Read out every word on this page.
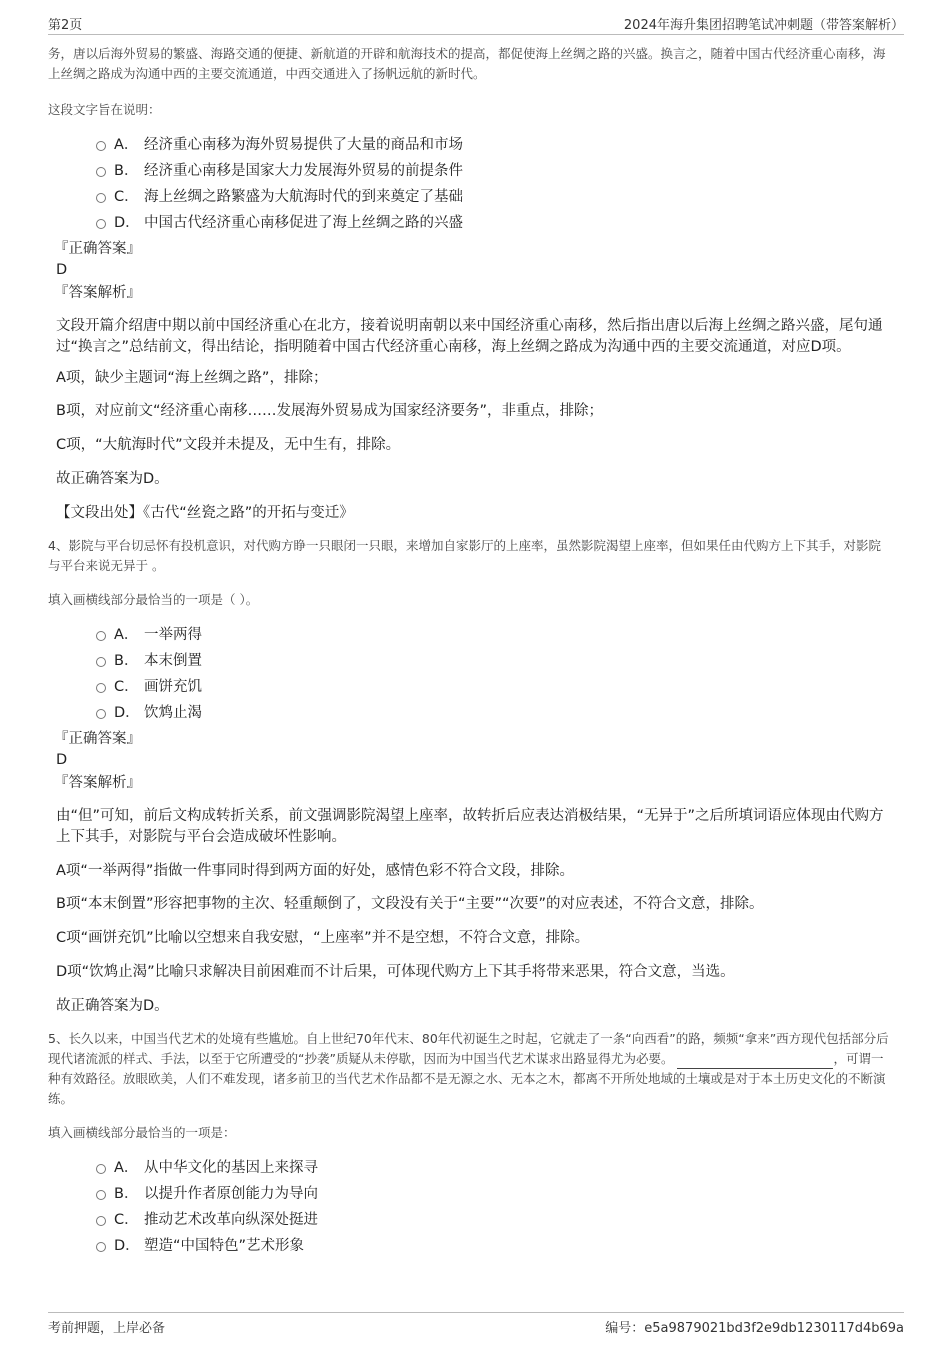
第2页	2024年海升集团招聘笔试冲刺题（带答案解析）

务，唐以后海外贸易的繁盛、海路交通的便捷、新航道的开辟和航海技术的提高，都促使海上丝绸之路的兴盛。换言之，随着中国古代经济重心南移，海上丝绸之路成为沟通中西的主要交流通道，中西交通进入了扬帆远航的新时代。

这段文字旨在说明：

A． 经济重心南移为海外贸易提供了大量的商品和市场
B． 经济重心南移是国家大力发展海外贸易的前提条件
C． 海上丝绸之路繁盛为大航海时代的到来奠定了基础
D． 中国古代经济重心南移促进了海上丝绸之路的兴盛

『正确答案』

D

『答案解析』

文段开篇介绍唐中期以前中国经济重心在北方，接着说明南朝以来中国经济重心南移，然后指出唐以后海上丝绸之路兴盛，尾句通过“换言之”总结前文，得出结论，指明随着中国古代经济重心南移，海上丝绸之路成为沟通中西的主要交流通道，对应D项。

A项，缺少主题词“海上丝绸之路”，排除；

B项，对应前文“经济重心南移……发展海外贸易成为国家经济要务”，非重点，排除；

C项，“大航海时代”文段并未提及，无中生有，排除。

故正确答案为D。

【文段出处】《古代“丝瓷之路”的开拓与变迁》

4、影院与平台切忌怀有投机意识，对代购方睁一只眼闭一只眼，来增加自家影厅的上座率，虽然影院渴望上座率，但如果任由代购方上下其手，对影院与平台来说无异于 。

填入画横线部分最恰当的一项是（ ）。

A． 一举两得
B． 本末倒置
C． 画饼充饥
D． 饮鸩止渴

『正确答案』

D

『答案解析』

由“但”可知，前后文构成转折关系，前文强调影院渴望上座率，故转折后应表达消极结果，“无异于”之后所填词语应体现由代购方上下其手，对影院与平台会造成破坏性影响。

A项“一举两得”指做一件事同时得到两方面的好处，感情色彩不符合文段，排除。

B项“本末倒置”形容把事物的主次、轻重颠倒了，文段没有关于“主要”“次要”的对应表述，不符合文意，排除。

C项“画饼充饥”比喻以空想来自我安慰，“上座率”并不是空想，不符合文意，排除。

D项“饮鸩止渴”比喻只求解决目前困难而不计后果，可体现代购方上下其手将带来恶果，符合文意，当选。

故正确答案为D。

5、长久以来，中国当代艺术的处境有些尴尬。自上世纪70年代末、80年代初诞生之时起，它就走了一条“向西看”的路，频频“拿来”西方现代包括部分后现代诸流派的样式、手法，以至于它所遭受的“抄袭”质疑从未停歇，因而为中国当代艺术谋求出路显得尤为必要。	，可谓一种有效路径。放眼欧美，人们不难发现，诸多前卫的当代艺术作品都不是无源之水、无本之木，都离不开所处地域的土壤或是对于本土历史文化的不断演练。

填入画横线部分最恰当的一项是：

A． 从中华文化的基因上来探寻
B． 以提升作者原创能力为导向
C． 推动艺术改革向纵深处挺进
D． 塑造“中国特色”艺术形象
考前押题，上岸必备	编号：e5a9879021bd3f2e9db1230117d4b69a
